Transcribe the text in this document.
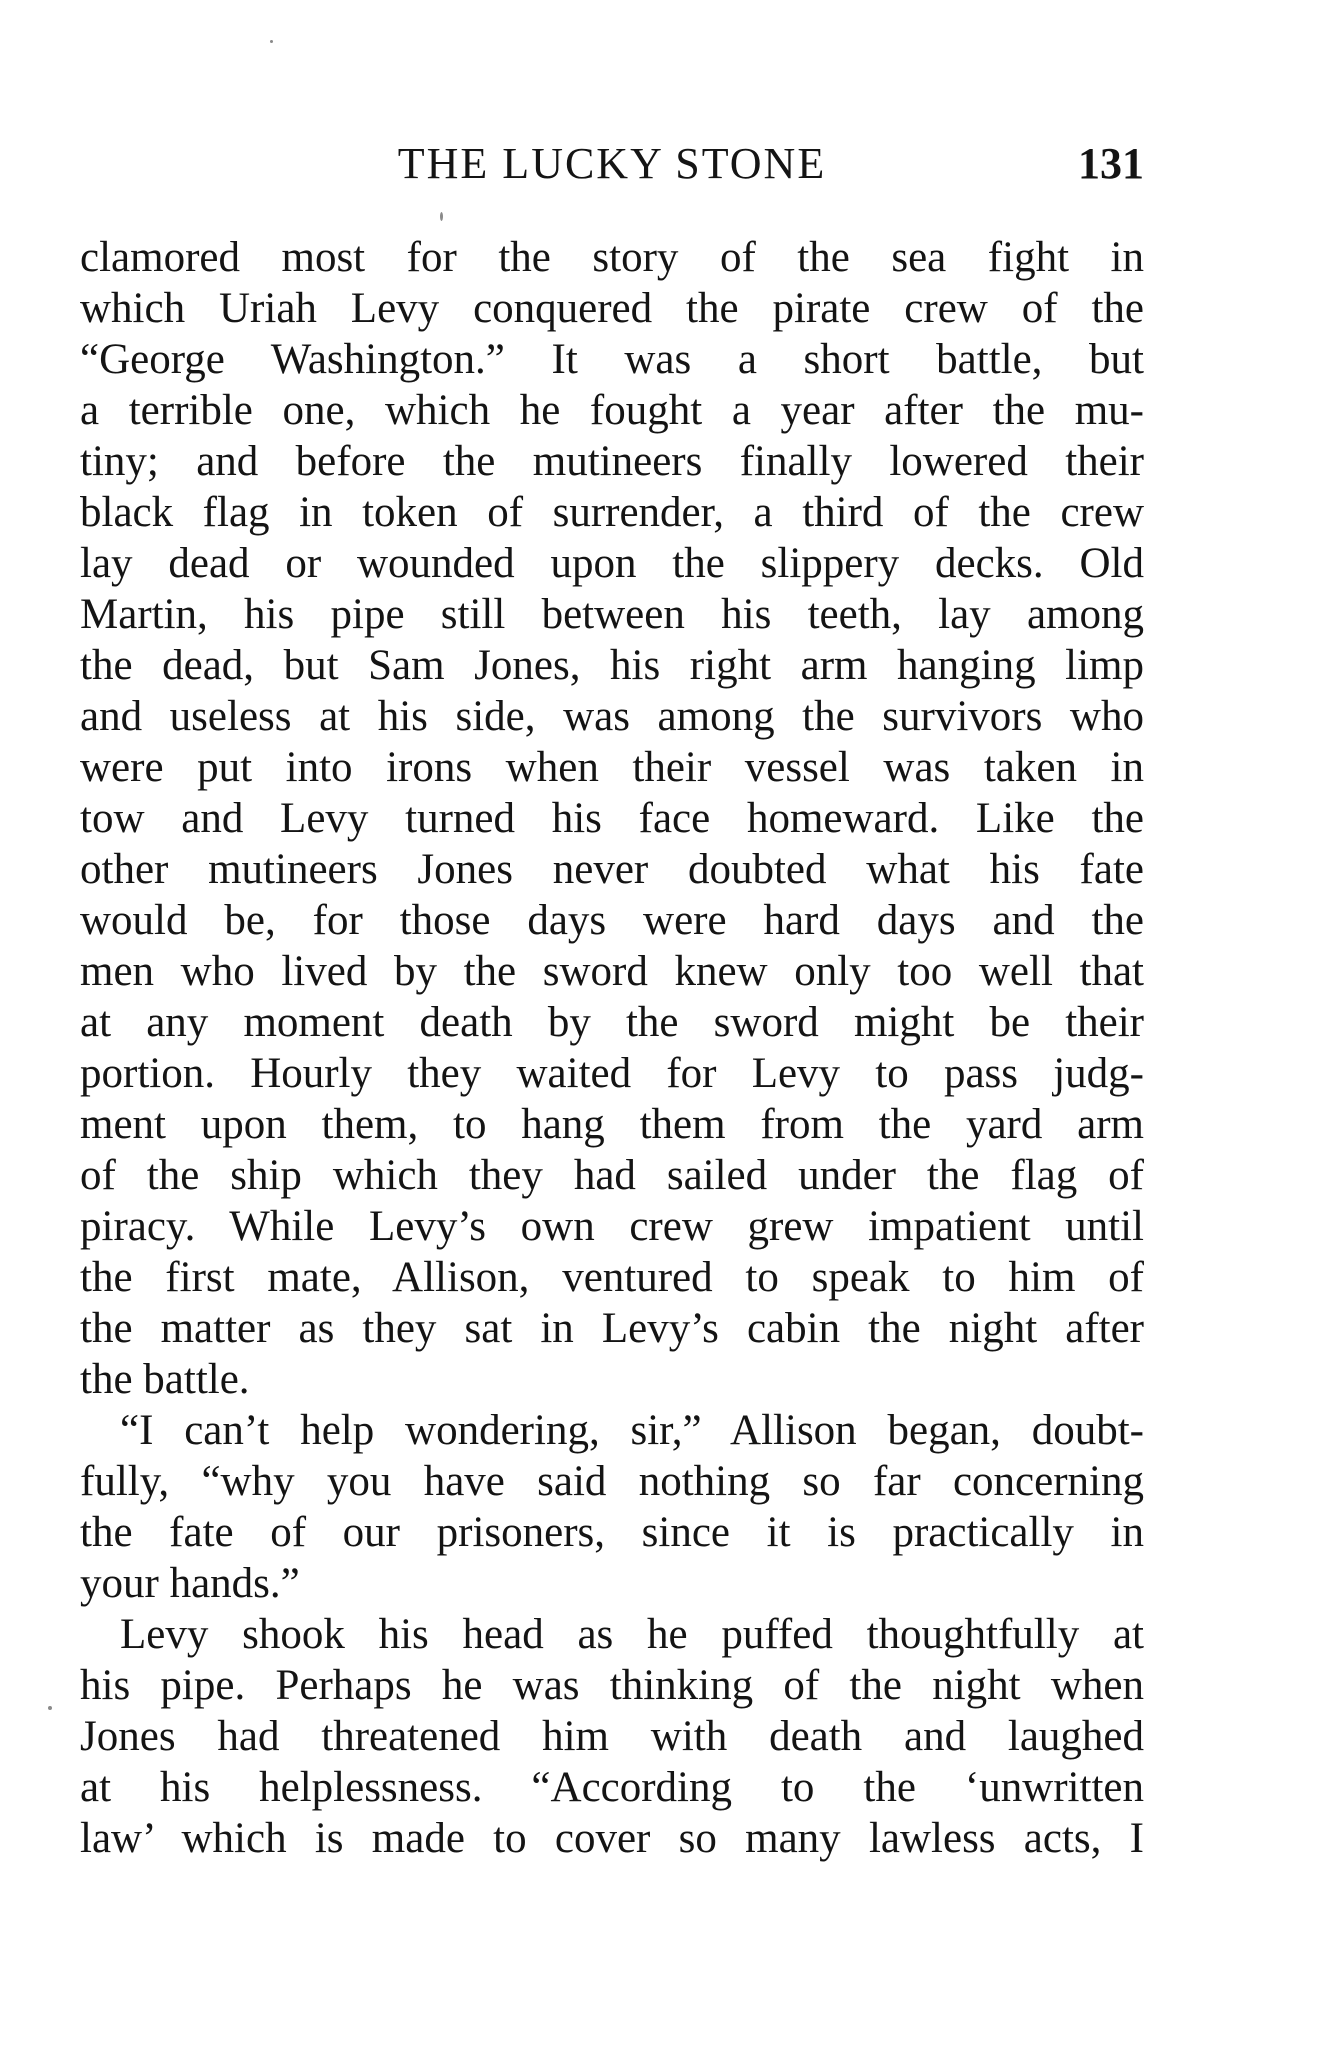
THE LUCKY STONE	131
clamored most for the story of the sea fight in
which Uriah Levy conquered the pirate crew of the
“George Washington.” It was a short battle, but
a terrible one, which he fought a year after the mu-
tiny; and before the mutineers finally lowered their
black flag in token of surrender, a third of the crew
lay dead or wounded upon the slippery decks. Old
Martin, his pipe still between his teeth, lay among
the dead, but Sam Jones, his right arm hanging limp
and useless at his side, was among the survivors who
were put into irons when their vessel was taken in
tow and Levy turned his face homeward. Like the
other mutineers Jones never doubted what his fate
would be, for those days were hard days and the
men who lived by the sword knew only too well that
at any moment death by the sword might be their
portion. Hourly they waited for Levy to pass judg-
ment upon them, to hang them from the yard arm
of the ship which they had sailed under the flag of
piracy. While Levy’s own crew grew impatient until
the first mate, Allison, ventured to speak to him of
the matter as they sat in Levy’s cabin the night after
the battle.
“I can’t help wondering, sir,” Allison began, doubt-
fully, “why you have said nothing so far concerning
the fate of our prisoners, since it is practically in
your hands.”
Levy shook his head as he puffed thoughtfully at
his pipe. Perhaps he was thinking of the night when
Jones had threatened him with death and laughed
at his helplessness. “According to the ‘unwritten
law’ which is made to cover so many lawless acts, I
